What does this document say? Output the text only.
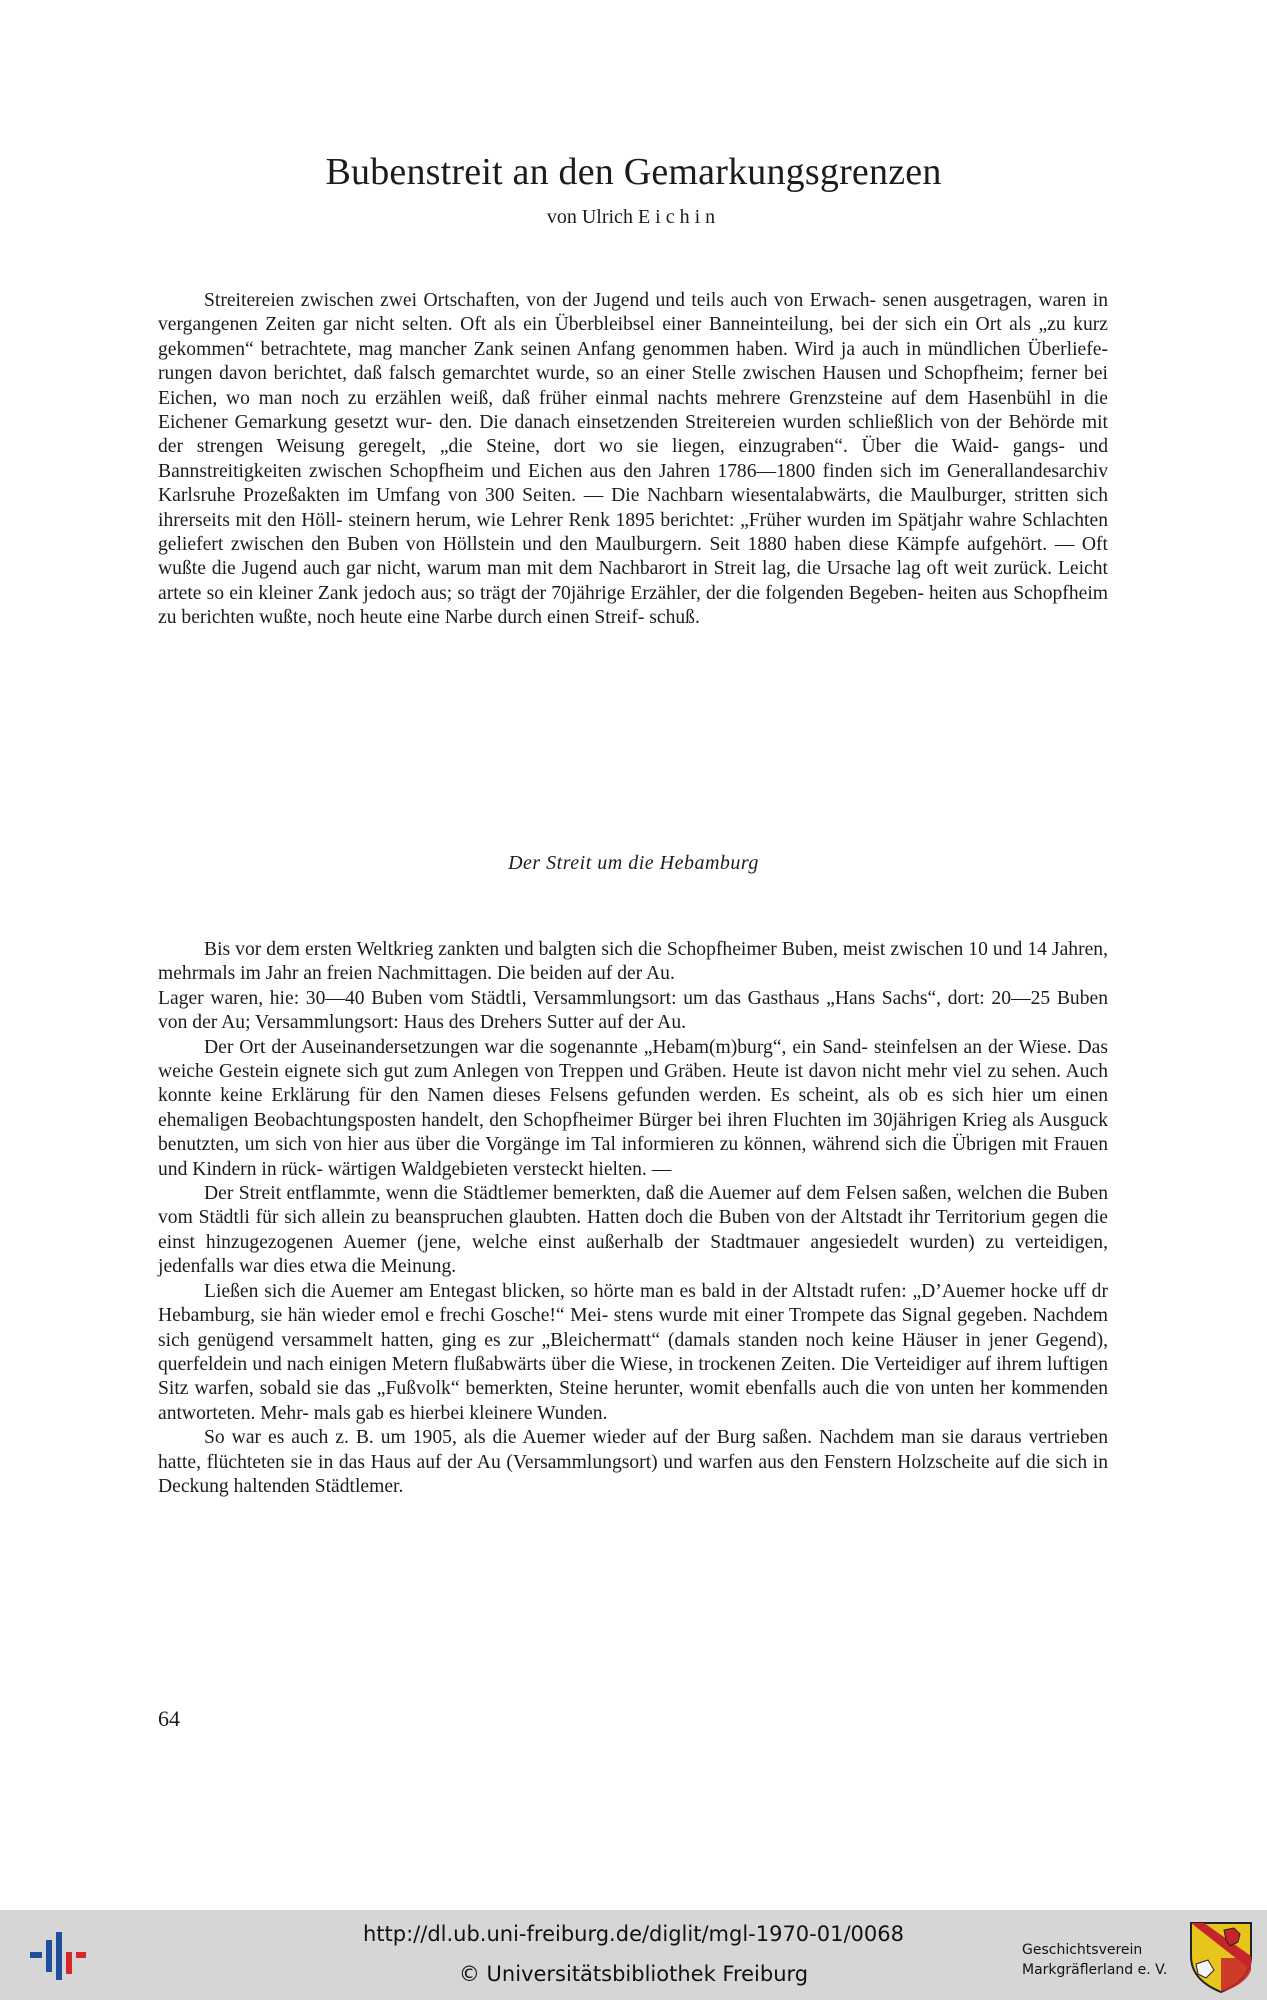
Bubenstreit an den Gemarkungsgrenzen

von Ulrich Eichin

Streitereien zwischen zwei Ortschaften, von der Jugend und teils auch von Erwach- senen ausgetragen, waren in vergangenen Zeiten gar nicht selten. Oft als ein Überbleibsel einer Banneinteilung, bei der sich ein Ort als „zu kurz gekommen“ betrachtete, mag mancher Zank seinen Anfang genommen haben. Wird ja auch in mündlichen Überliefe- rungen davon berichtet, daß falsch gemarchtet wurde, so an einer Stelle zwischen Hausen und Schopfheim; ferner bei Eichen, wo man noch zu erzählen weiß, daß früher einmal nachts mehrere Grenzsteine auf dem Hasenbühl in die Eichener Gemarkung gesetzt wur- den. Die danach einsetzenden Streitereien wurden schließlich von der Behörde mit der strengen Weisung geregelt, „die Steine, dort wo sie liegen, einzugraben“. Über die Waid- gangs- und Bannstreitigkeiten zwischen Schopfheim und Eichen aus den Jahren 1786—1800 finden sich im Generallandesarchiv Karlsruhe Prozeßakten im Umfang von 300 Seiten. — Die Nachbarn wiesentalabwärts, die Maulburger, stritten sich ihrerseits mit den Höll- steinern herum, wie Lehrer Renk 1895 berichtet: „Früher wurden im Spätjahr wahre Schlachten geliefert zwischen den Buben von Höllstein und den Maulburgern. Seit 1880 haben diese Kämpfe aufgehört. — Oft wußte die Jugend auch gar nicht, warum man mit dem Nachbarort in Streit lag, die Ursache lag oft weit zurück. Leicht artete so ein kleiner Zank jedoch aus; so trägt der 70jährige Erzähler, der die folgenden Begeben- heiten aus Schopfheim zu berichten wußte, noch heute eine Narbe durch einen Streif- schuß.

Der Streit um die Hebamburg

Bis vor dem ersten Weltkrieg zankten und balgten sich die Schopfheimer Buben, meist zwischen 10 und 14 Jahren, mehrmals im Jahr an freien Nachmittagen. Die beiden auf der Au.

Lager waren, hie: 30—40 Buben vom Städtli, Versammlungsort: um das Gasthaus „Hans Sachs“, dort: 20—25 Buben von der Au; Versammlungsort: Haus des Drehers Sutter auf der Au.

Der Ort der Auseinandersetzungen war die sogenannte „Hebam(m)burg“, ein Sand- steinfelsen an der Wiese. Das weiche Gestein eignete sich gut zum Anlegen von Treppen und Gräben. Heute ist davon nicht mehr viel zu sehen. Auch konnte keine Erklärung für den Namen dieses Felsens gefunden werden. Es scheint, als ob es sich hier um einen ehemaligen Beobachtungsposten handelt, den Schopfheimer Bürger bei ihren Fluchten im 30jährigen Krieg als Ausguck benutzten, um sich von hier aus über die Vorgänge im Tal informieren zu können, während sich die Übrigen mit Frauen und Kindern in rück- wärtigen Waldgebieten versteckt hielten. —

Der Streit entflammte, wenn die Städtlemer bemerkten, daß die Auemer auf dem Felsen saßen, welchen die Buben vom Städtli für sich allein zu beanspruchen glaubten. Hatten doch die Buben von der Altstadt ihr Territorium gegen die einst hinzugezogenen Auemer (jene, welche einst außerhalb der Stadtmauer angesiedelt wurden) zu verteidigen, jedenfalls war dies etwa die Meinung.

Ließen sich die Auemer am Entegast blicken, so hörte man es bald in der Altstadt rufen: „D’Auemer hocke uff dr Hebamburg, sie hän wieder emol e frechi Gosche!“ Mei- stens wurde mit einer Trompete das Signal gegeben. Nachdem sich genügend versammelt hatten, ging es zur „Bleichermatt“ (damals standen noch keine Häuser in jener Gegend), querfeldein und nach einigen Metern flußabwärts über die Wiese, in trockenen Zeiten. Die Verteidiger auf ihrem luftigen Sitz warfen, sobald sie das „Fußvolk“ bemerkten, Steine herunter, womit ebenfalls auch die von unten her kommenden antworteten. Mehr- mals gab es hierbei kleinere Wunden.

So war es auch z. B. um 1905, als die Auemer wieder auf der Burg saßen. Nachdem man sie daraus vertrieben hatte, flüchteten sie in das Haus auf der Au (Versammlungsort) und warfen aus den Fenstern Holzscheite auf die sich in Deckung haltenden Städtlemer.

64
http://dl.ub.uni-freiburg.de/diglit/mgl-1970-01/0068
© Universitätsbibliothek Freiburg
Geschichtsverein
Markgräflerland e. V.
